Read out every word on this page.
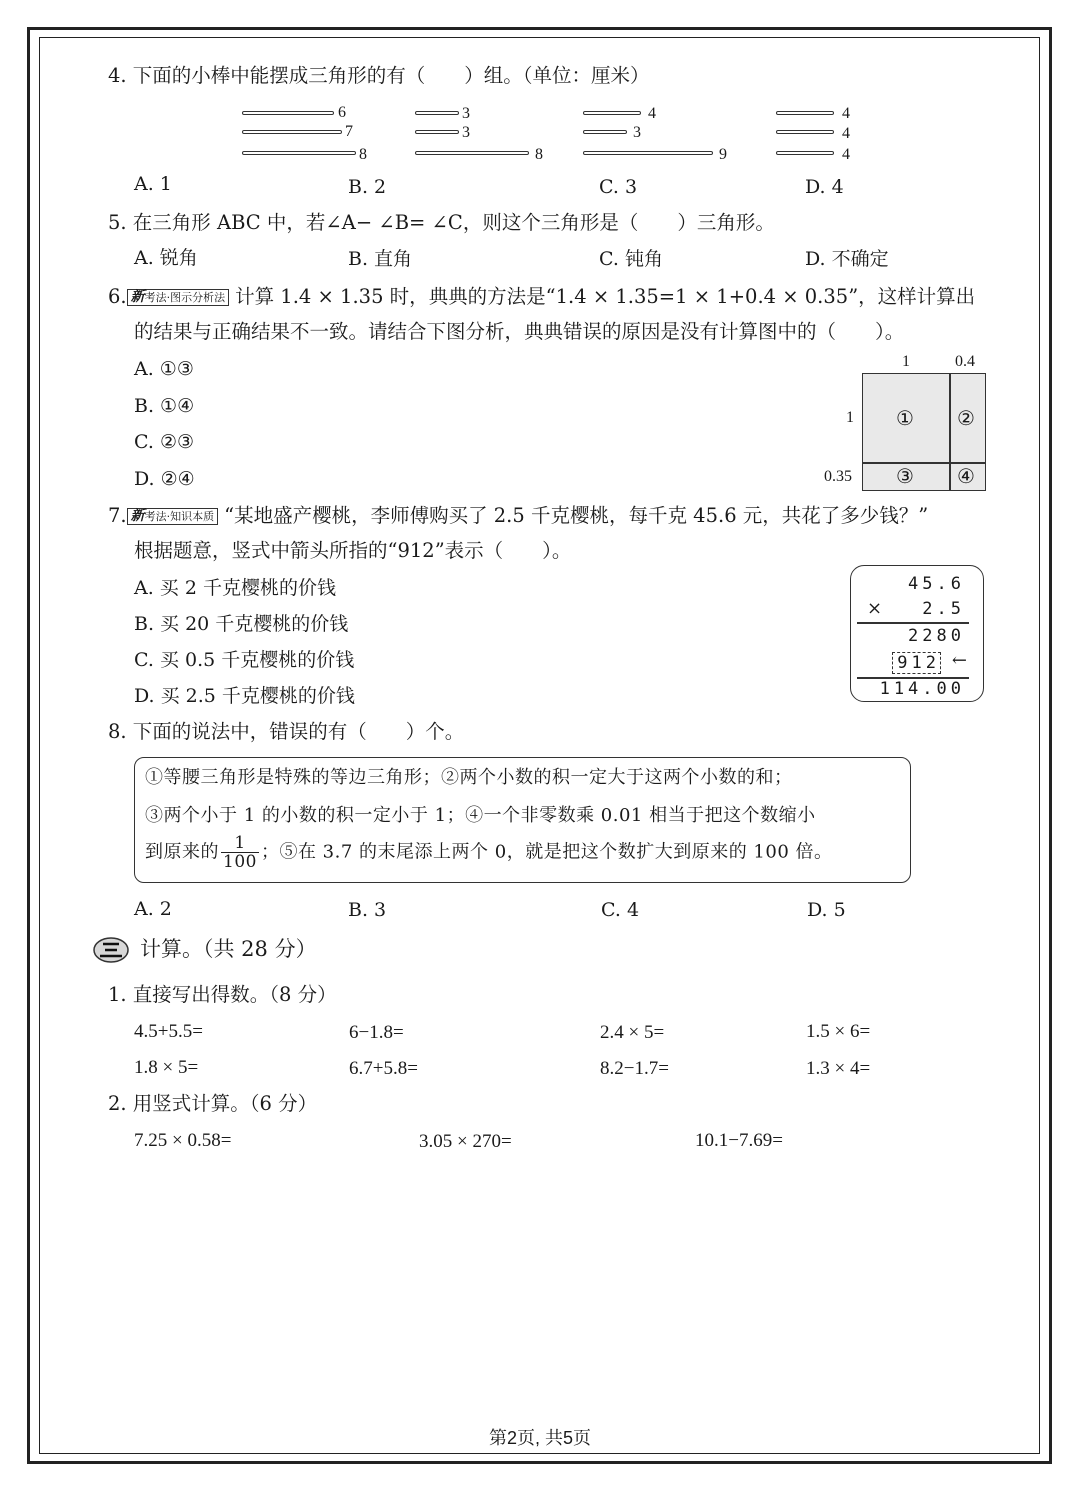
4. 下面的小棒中能摆成三角形的有（　　）组。（单位：厘米）
6
7
8
3
3
8
4
3
9
4
4
4
A. 1	B. 2	C. 3	D. 4
5. 在三角形 ABC 中，若∠A− ∠B= ∠C，则这个三角形是（　　）三角形。
A. 锐角	B. 直角	C. 钝角	D. 不确定
6. 新考法·图示分析法 计算 1.4 × 1.35 时，典典的方法是“1.4 × 1.35=1 × 1+0.4 × 0.35”，这样计算出
的结果与正确结果不一致。请结合下图分析，典典错误的原因是没有计算图中的（　　）。
A. ①③
B. ①④
C. ②③
D. ②④
1	0.4
1
0.35
① ②
③ ④
7. 新考法·知识本质 “某地盛产樱桃，李师傅购买了 2.5 千克樱桃，每千克 45.6 元，共花了多少钱？”
根据题意，竖式中箭头所指的“912”表示（　　）。
A. 买 2 千克樱桃的价钱
B. 买 20 千克樱桃的价钱
C. 买 0.5 千克樱桃的价钱
D. 买 2.5 千克樱桃的价钱
45.6
× 2.5
2280
912 ←
114.00
8. 下面的说法中，错误的有（　　）个。
①等腰三角形是特殊的等边三角形；②两个小数的积一定大于这两个小数的和；
③两个小于 1 的小数的积一定小于 1；④一个非零数乘 0.01 相当于把这个数缩小
到原来的 $\frac{1}{100}$ ；⑤在 3.7 的末尾添上两个 0，就是把这个数扩大到原来的 100 倍。
A. 2	B. 3	C. 4	D. 5
计算。（共 28 分）
1. 直接写出得数。（8 分）
4.5+5.5=	6−1.8=	2.4 × 5=	1.5 × 6=
1.8 × 5=	6.7+5.8=	8.2−1.7=	1.3 × 4=
2. 用竖式计算。（6 分）
7.25 × 0.58=	3.05 × 270=	10.1−7.69=
第2页, 共5页
